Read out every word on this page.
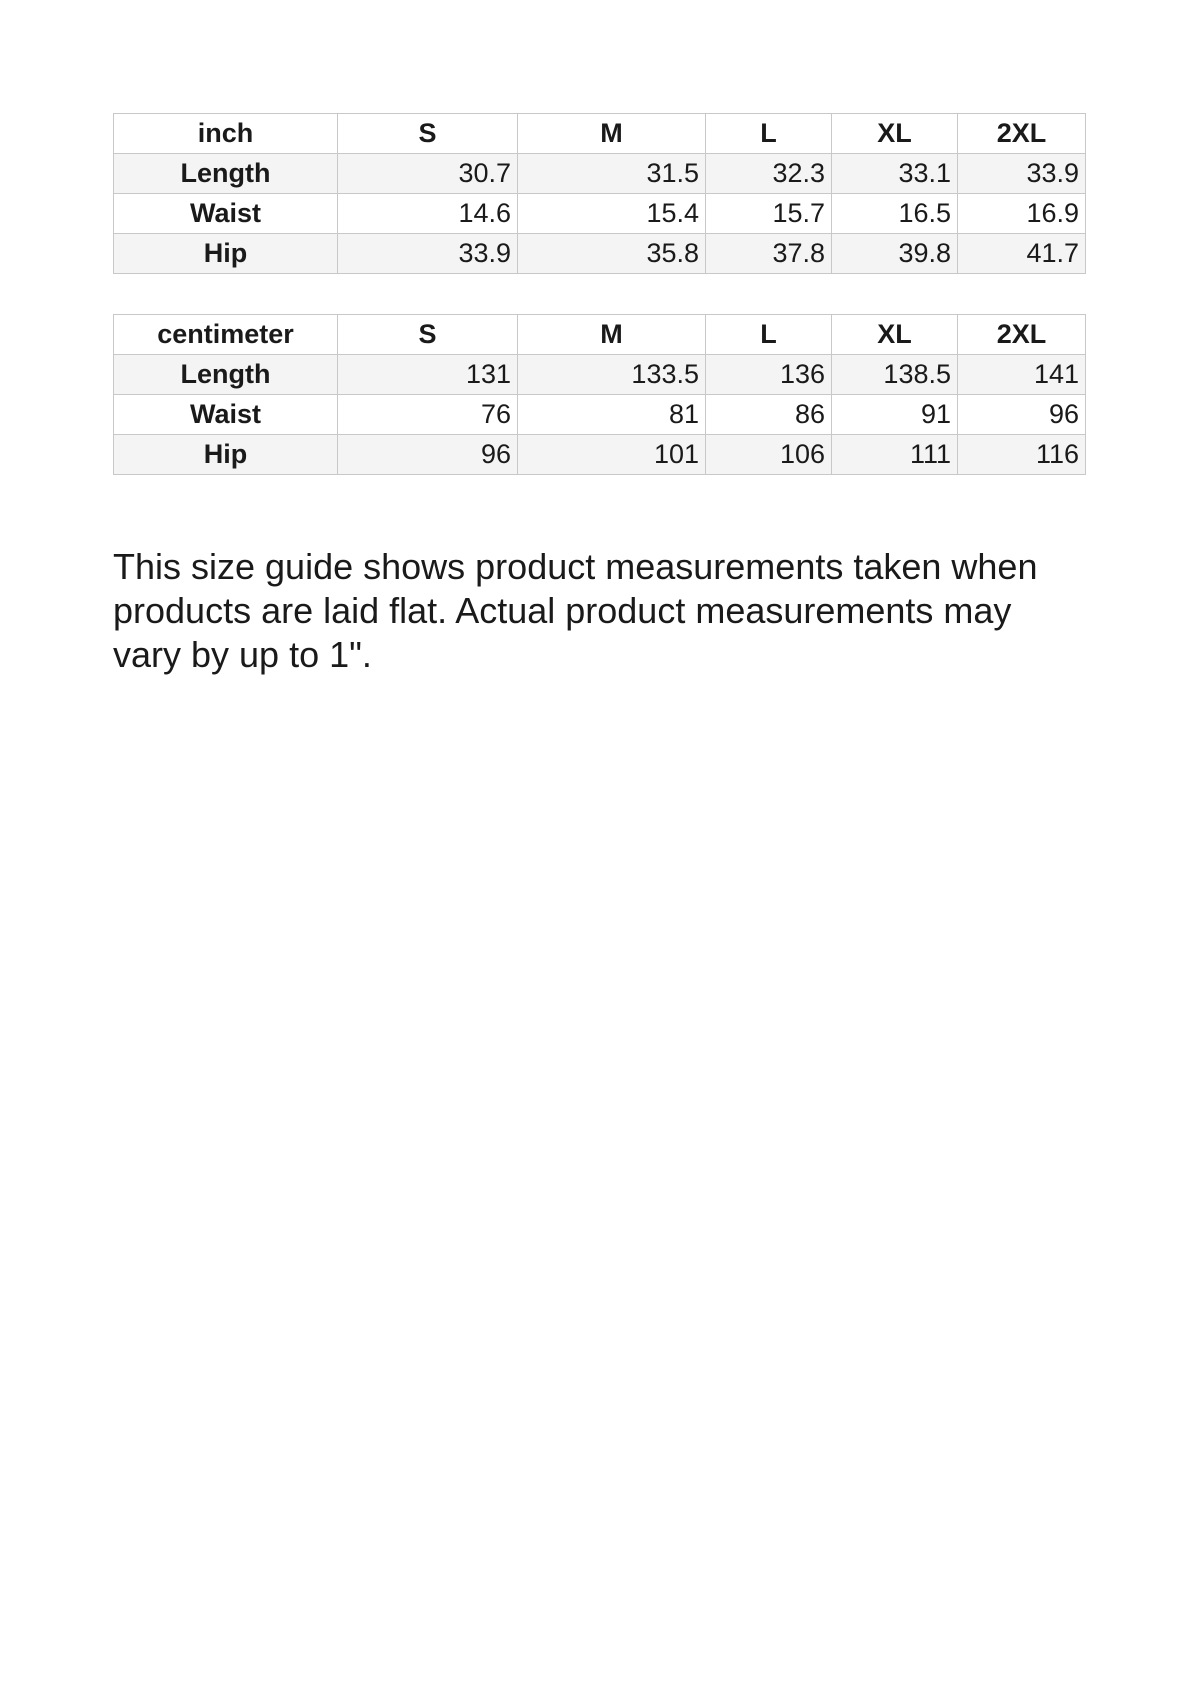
inch	S	M	L	XL	2XL
Length	30.7	31.5	32.3	33.1	33.9
Waist	14.6	15.4	15.7	16.5	16.9
Hip	33.9	35.8	37.8	39.8	41.7
centimeter	S	M	L	XL	2XL
Length	131	133.5	136	138.5	141
Waist	76	81	86	91	96
Hip	96	101	106	111	116

This size guide shows product measurements taken when products are laid flat. Actual product measurements may vary by up to 1".
